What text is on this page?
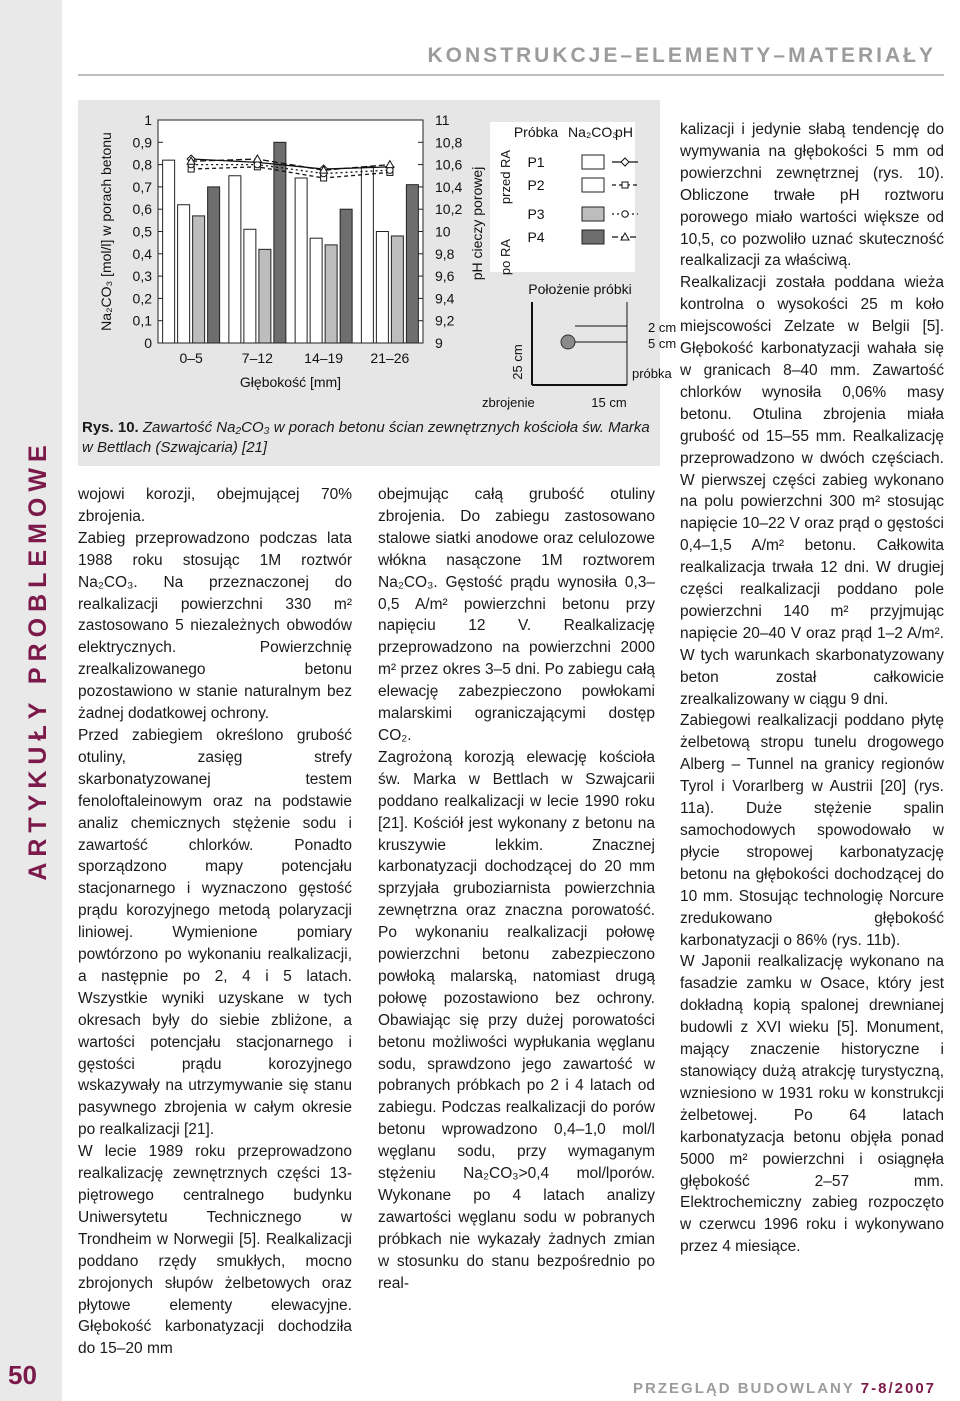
ARTYKUŁY PROBLEMOWE
50
KONSTRUKCJE–ELEMENTY–MATERIAŁY
0
0,1
0,2
0,3
0,4
0,5
0,6
0,7
0,8
0,9
1
9
9,2
9,4
9,6
9,8
10
10,2
10,4
10,6
10,8
11
Na₂CO₃ [mol/l] w porach betonu	pH cieczy porowej
Głębokość [mm]
0–5	7–12 14–19 21–26
Próbka Na₂CO₃
pH
przed RA
po RA
P1
P2
P3
P4
Położenie próbki
2 cm
5 cm
próbka
25 cm
15 cm
zbrojenie
Rys. 10. Zawartość Na₂CO₃ w porach betonu ścian zewnętrznych kościoła św. Marka w Bettlach (Szwajcaria) [21]

wojowi korozji, obejmującej 70% zbrojenia.

Zabieg przeprowadzono podczas lata 1988 roku stosując 1M roztwór Na₂CO₃. Na przeznaczonej do realkalizacji powierzchni 330 m² zastosowano 5 niezależnych obwodów elektrycznych. Powierzchnię zrealkalizowanego betonu pozostawiono w stanie naturalnym bez żadnej dodatkowej ochrony.

Przed zabiegiem określono grubość otuliny, zasięg strefy skarbonatyzowanej testem fenoloftaleinowym oraz na podstawie analiz chemicznych stężenie sodu i zawartość chlorków. Ponadto sporządzono mapy potencjału stacjonarnego i wyznaczono gęstość prądu korozyjnego metodą polaryzacji liniowej. Wymienione pomiary powtórzono po wykonaniu realkalizacji, a następnie po 2, 4 i 5 latach. Wszystkie wyniki uzyskane w tych okresach były do siebie zbliżone, a wartości potencjału stacjonarnego i gęstości prądu korozyjnego wskazywały na utrzymywanie się stanu pasywnego zbrojenia w całym okresie po realkalizacji [21].

W lecie 1989 roku przeprowadzono realkalizację zewnętrznych części 13-piętrowego centralnego budynku Uniwersytetu Technicznego w Trondheim w Norwegii [5]. Realkalizacji poddano rzędy smukłych, mocno zbrojonych słupów żelbetowych oraz płytowe elementy elewacyjne. Głębokość karbonatyzacji dochodziła do 15–20 mm

obejmując całą grubość otuliny zbrojenia. Do zabiegu zastosowano stalowe siatki anodowe oraz celulozowe włókna nasączone 1M roztworem Na₂CO₃. Gęstość prądu wynosiła 0,3–0,5 A/m² powierzchni betonu przy napięciu 12 V. Realkalizację przeprowadzono na powierzchni 2000 m² przez okres 3–5 dni. Po zabiegu całą elewację zabezpieczono powłokami malarskimi ograniczającymi dostęp CO₂.

Zagrożoną korozją elewację kościoła św. Marka w Bettlach w Szwajcarii poddano realkalizacji w lecie 1990 roku [21]. Kościół jest wykonany z betonu na kruszywie lekkim. Znacznej karbonatyzacji dochodzącej do 20 mm sprzyjała gruboziarnista powierzchnia zewnętrzna oraz znaczna porowatość. Po wykonaniu realkalizacji połowę powierzchni betonu zabezpieczono powłoką malarską, natomiast drugą połowę pozostawiono bez ochrony. Obawiając się przy dużej porowatości betonu możliwości wypłukania węglanu sodu, sprawdzono jego zawartość w pobranych próbkach po 2 i 4 latach od zabiegu. Podczas realkalizacji do porów betonu wprowadzono 0,4–1,0 mol/l węglanu sodu, przy wymaganym stężeniu Na₂CO₃>0,4 mol/lporów. Wykonane po 4 latach analizy zawartości węglanu sodu w pobranych próbkach nie wykazały żadnych zmian w stosunku do stanu bezpośrednio po real-

kalizacji i jedynie słabą tendencję do wymywania na głębokości 5 mm od powierzchni zewnętrznej (rys. 10). Obliczone trwałe pH roztworu porowego miało wartości większe od 10,5, co pozwoliło uznać skuteczność realkalizacji za właściwą.

Realkalizacji została poddana wieża kontrolna o wysokości 25 m koło miejscowości Zelzate w Belgii [5]. Głębokość karbonatyzacji wahała się w granicach 8–40 mm. Zawartość chlorków wynosiła 0,06% masy betonu. Otulina zbrojenia miała grubość od 15–55 mm. Realkalizację przeprowadzono w dwóch częściach. W pierwszej części zabieg wykonano na polu powierzchni 300 m² stosując napięcie 10–22 V oraz prąd o gęstości 0,4–1,5 A/m² betonu. Całkowita realkalizacja trwała 12 dni. W drugiej części realkalizacji poddano pole powierzchni 140 m² przyjmując napięcie 20–40 V oraz prąd 1–2 A/m². W tych warunkach skarbonatyzowany beton został całkowicie zrealkalizowany w ciągu 9 dni.

Zabiegowi realkalizacji poddano płytę żelbetową stropu tunelu drogowego Alberg – Tunnel na granicy regionów Tyrol i Vorarlberg w Austrii [20] (rys. 11a). Duże stężenie spalin samochodowych spowodowało w płycie stropowej karbonatyzację betonu na głębokości dochodzącej do 10 mm. Stosując technologię Norcure zredukowano głębokość karbonatyzacji o 86% (rys. 11b).

W Japonii realkalizację wykonano na fasadzie zamku w Osace, który jest dokładną kopią spalonej drewnianej budowli z XVI wieku [5]. Monument, mający znaczenie historyczne i stanowiący dużą atrakcję turystyczną, wzniesiono w 1931 roku w konstrukcji żelbetowej. Po 64 latach karbonatyzacja betonu objęła ponad 5000 m² powierzchni i osiągnęła głębokość 2–57 mm. Elektrochemiczny zabieg rozpoczęto w czerwcu 1996 roku i wykonywano przez 4 miesiące.

PRZEGLĄD BUDOWLANY 7-8/2007
